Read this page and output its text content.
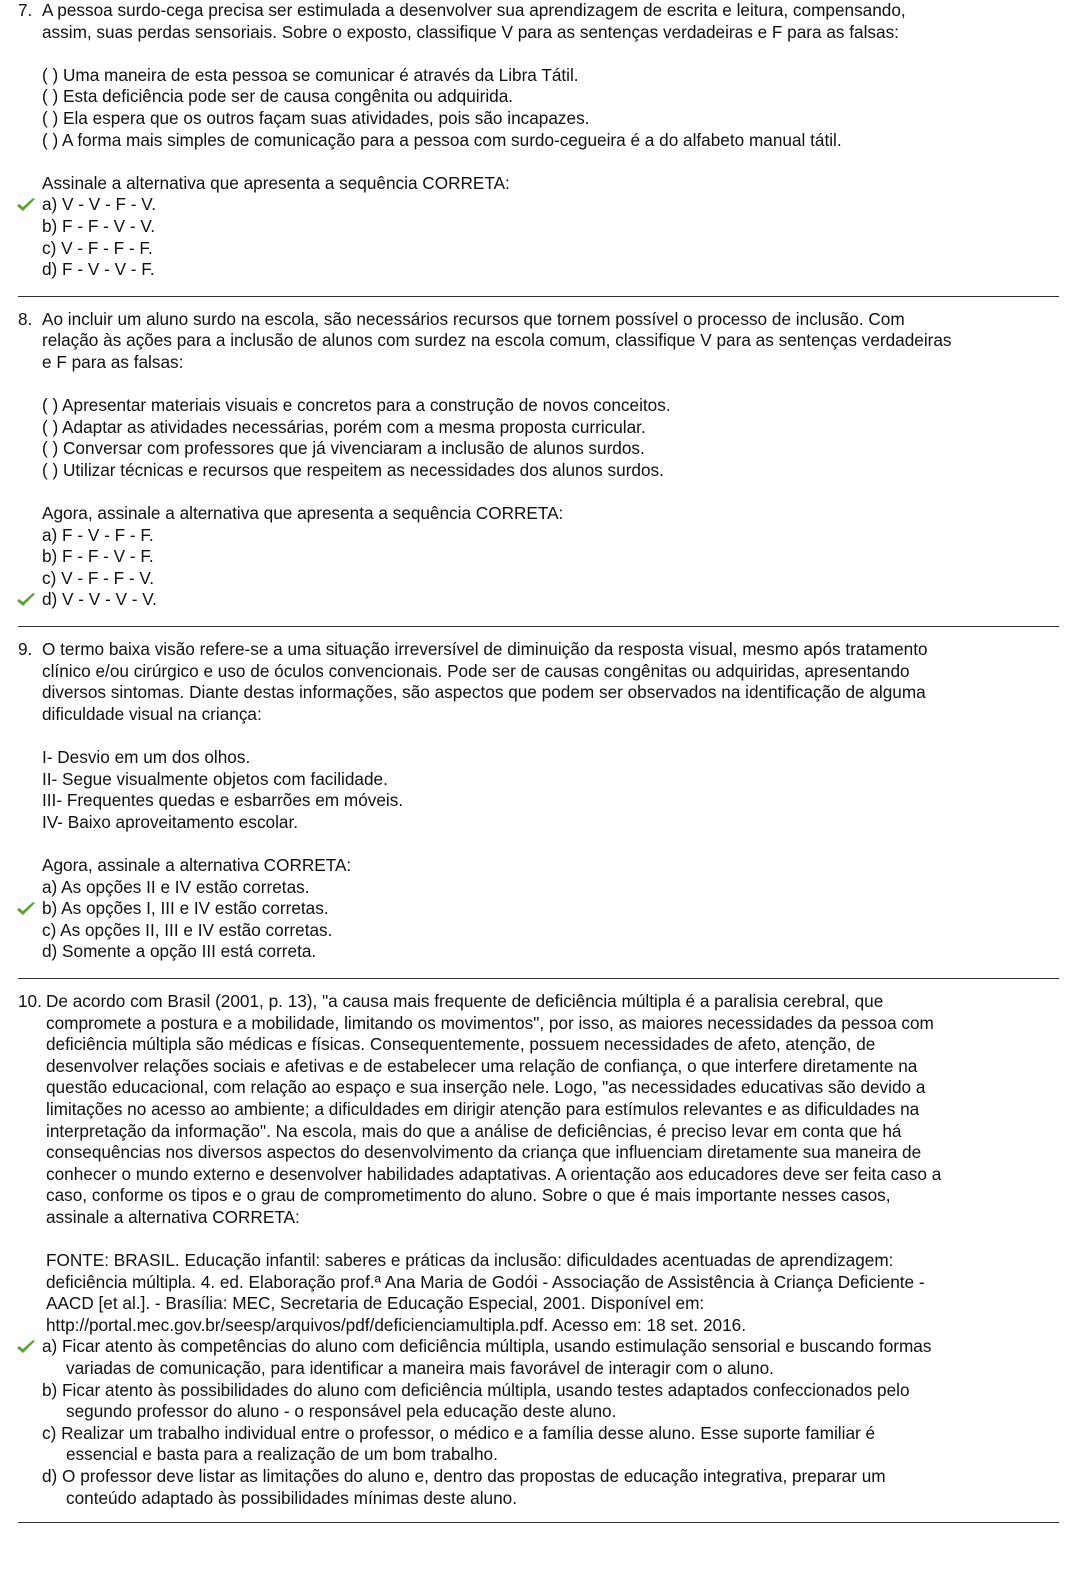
7. A pessoa surdo-cega precisa ser estimulada a desenvolver sua aprendizagem de escrita e leitura, compensando,
assim, suas perdas sensoriais. Sobre o exposto, classifique V para as sentenças verdadeiras e F para as falsas:
( ) Uma maneira de esta pessoa se comunicar é através da Libra Tátil.
( ) Esta deficiência pode ser de causa congênita ou adquirida.
( ) Ela espera que os outros façam suas atividades, pois são incapazes.
( ) A forma mais simples de comunicação para a pessoa com surdo-cegueira é a do alfabeto manual tátil.
Assinale a alternativa que apresenta a sequência CORRETA:
a) V - V - F - V.
b) F - F - V - V.
c) V - F - F - F.
d) F - V - V - F.
8. Ao incluir um aluno surdo na escola, são necessários recursos que tornem possível o processo de inclusão. Com
relação às ações para a inclusão de alunos com surdez na escola comum, classifique V para as sentenças verdadeiras
e F para as falsas:
( ) Apresentar materiais visuais e concretos para a construção de novos conceitos.
( ) Adaptar as atividades necessárias, porém com a mesma proposta curricular.
( ) Conversar com professores que já vivenciaram a inclusão de alunos surdos.
( ) Utilizar técnicas e recursos que respeitem as necessidades dos alunos surdos.
Agora, assinale a alternativa que apresenta a sequência CORRETA:
a) F - V - F - F.
b) F - F - V - F.
c) V - F - F - V.
d) V - V - V - V.
9. O termo baixa visão refere-se a uma situação irreversível de diminuição da resposta visual, mesmo após tratamento
clínico e/ou cirúrgico e uso de óculos convencionais. Pode ser de causas congênitas ou adquiridas, apresentando
diversos sintomas. Diante destas informações, são aspectos que podem ser observados na identificação de alguma
dificuldade visual na criança:
I- Desvio em um dos olhos.
II- Segue visualmente objetos com facilidade.
III- Frequentes quedas e esbarrões em móveis.
IV- Baixo aproveitamento escolar.
Agora, assinale a alternativa CORRETA:
a) As opções II e IV estão corretas.
b) As opções I, III e IV estão corretas.
c) As opções II, III e IV estão corretas.
d) Somente a opção III está correta.
10. De acordo com Brasil (2001, p. 13), "a causa mais frequente de deficiência múltipla é a paralisia cerebral, que
compromete a postura e a mobilidade, limitando os movimentos", por isso, as maiores necessidades da pessoa com
deficiência múltipla são médicas e físicas. Consequentemente, possuem necessidades de afeto, atenção, de
desenvolver relações sociais e afetivas e de estabelecer uma relação de confiança, o que interfere diretamente na
questão educacional, com relação ao espaço e sua inserção nele. Logo, "as necessidades educativas são devido a
limitações no acesso ao ambiente; a dificuldades em dirigir atenção para estímulos relevantes e as dificuldades na
interpretação da informação". Na escola, mais do que a análise de deficiências, é preciso levar em conta que há
consequências nos diversos aspectos do desenvolvimento da criança que influenciam diretamente sua maneira de
conhecer o mundo externo e desenvolver habilidades adaptativas. A orientação aos educadores deve ser feita caso a
caso, conforme os tipos e o grau de comprometimento do aluno. Sobre o que é mais importante nesses casos,
assinale a alternativa CORRETA:
FONTE: BRASIL. Educação infantil: saberes e práticas da inclusão: dificuldades acentuadas de aprendizagem:
deficiência múltipla. 4. ed. Elaboração prof.ª Ana Maria de Godói - Associação de Assistência à Criança Deficiente -
AACD [et al.]. - Brasília: MEC, Secretaria de Educação Especial, 2001. Disponível em:
http://portal.mec.gov.br/seesp/arquivos/pdf/deficienciamultipla.pdf. Acesso em: 18 set. 2016.
a) Ficar atento às competências do aluno com deficiência múltipla, usando estimulação sensorial e buscando formas
variadas de comunicação, para identificar a maneira mais favorável de interagir com o aluno.
b) Ficar atento às possibilidades do aluno com deficiência múltipla, usando testes adaptados confeccionados pelo
segundo professor do aluno - o responsável pela educação deste aluno.
c) Realizar um trabalho individual entre o professor, o médico e a família desse aluno. Esse suporte familiar é
essencial e basta para a realização de um bom trabalho.
d) O professor deve listar as limitações do aluno e, dentro das propostas de educação integrativa, preparar um
conteúdo adaptado às possibilidades mínimas deste aluno.
